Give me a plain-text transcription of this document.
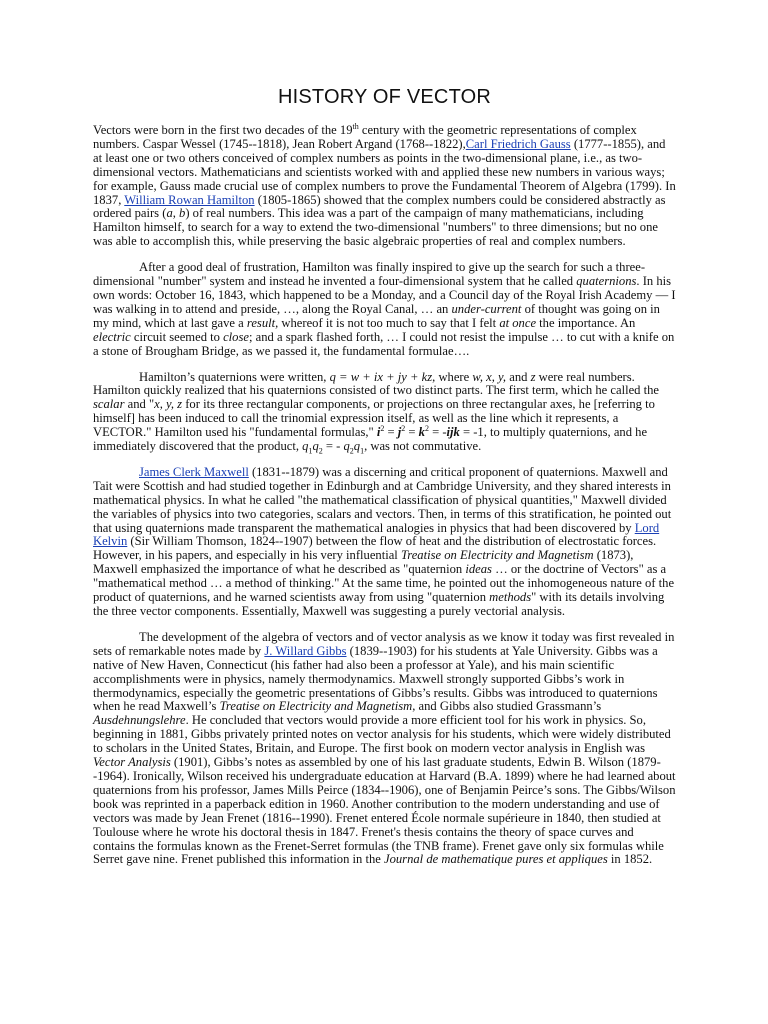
HISTORY OF VECTOR

Vectors were born in the first two decades of the 19th century with the geometric representations of complex numbers. Caspar Wessel (1745--1818), Jean Robert Argand (1768--1822),Carl Friedrich Gauss (1777--1855), and at least one or two others conceived of complex numbers as points in the two-dimensional plane, i.e., as two-dimensional vectors. Mathematicians and scientists worked with and applied these new numbers in various ways; for example, Gauss made crucial use of complex numbers to prove the Fundamental Theorem of Algebra (1799). In 1837, William Rowan Hamilton (1805-1865) showed that the complex numbers could be considered abstractly as ordered pairs (a, b) of real numbers. This idea was a part of the campaign of many mathematicians, including Hamilton himself, to search for a way to extend the two-dimensional "numbers" to three dimensions; but no one was able to accomplish this, while preserving the basic algebraic properties of real and complex numbers.

After a good deal of frustration, Hamilton was finally inspired to give up the search for such a three-dimensional "number" system and instead he invented a four-dimensional system that he called quaternions. In his own words: October 16, 1843, which happened to be a Monday, and a Council day of the Royal Irish Academy — I was walking in to attend and preside, …, along the Royal Canal, … an under-current of thought was going on in my mind, which at last gave a result, whereof it is not too much to say that I felt at once the importance. An electric circuit seemed to close; and a spark flashed forth, … I could not resist the impulse … to cut with a knife on a stone of Brougham Bridge, as we passed it, the fundamental formulae….

Hamilton’s quaternions were written, q = w + ix + jy + kz, where w, x, y, and z were real numbers. Hamilton quickly realized that his quaternions consisted of two distinct parts. The first term, which he called the scalar and "x, y, z for its three rectangular components, or projections on three rectangular axes, he [referring to himself] has been induced to call the trinomial expression itself, as well as the line which it represents, a VECTOR." Hamilton used his "fundamental formulas," $i^2 = j^2 = k^2 = -ijk = -1$, to multiply quaternions, and he immediately discovered that the product, $q_1q_2$ = - $q_2q_1$, was not commutative.

James Clerk Maxwell (1831--1879) was a discerning and critical proponent of quaternions. Maxwell and Tait were Scottish and had studied together in Edinburgh and at Cambridge University, and they shared interests in mathematical physics. In what he called "the mathematical classification of physical quantities," Maxwell divided the variables of physics into two categories, scalars and vectors. Then, in terms of this stratification, he pointed out that using quaternions made transparent the mathematical analogies in physics that had been discovered by Lord Kelvin (Sir William Thomson, 1824--1907) between the flow of heat and the distribution of electrostatic forces. However, in his papers, and especially in his very influential Treatise on Electricity and Magnetism (1873), Maxwell emphasized the importance of what he described as "quaternion ideas … or the doctrine of Vectors" as a "mathematical method … a method of thinking." At the same time, he pointed out the inhomogeneous nature of the product of quaternions, and he warned scientists away from using "quaternion methods" with its details involving the three vector components. Essentially, Maxwell was suggesting a purely vectorial analysis.

The development of the algebra of vectors and of vector analysis as we know it today was first revealed in sets of remarkable notes made by J. Willard Gibbs (1839--1903) for his students at Yale University. Gibbs was a native of New Haven, Connecticut (his father had also been a professor at Yale), and his main scientific accomplishments were in physics, namely thermodynamics. Maxwell strongly supported Gibbs’s work in thermodynamics, especially the geometric presentations of Gibbs’s results. Gibbs was introduced to quaternions when he read Maxwell’s Treatise on Electricity and Magnetism, and Gibbs also studied Grassmann’s Ausdehnungslehre. He concluded that vectors would provide a more efficient tool for his work in physics. So, beginning in 1881, Gibbs privately printed notes on vector analysis for his students, which were widely distributed to scholars in the United States, Britain, and Europe. The first book on modern vector analysis in English was Vector Analysis (1901), Gibbs’s notes as assembled by one of his last graduate students, Edwin B. Wilson (1879--1964). Ironically, Wilson received his undergraduate education at Harvard (B.A. 1899) where he had learned about quaternions from his professor, James Mills Peirce (1834--1906), one of Benjamin Peirce’s sons. The Gibbs/Wilson book was reprinted in a paperback edition in 1960. Another contribution to the modern understanding and use of vectors was made by Jean Frenet (1816--1990). Frenet entered École normale supérieure in 1840, then studied at Toulouse where he wrote his doctoral thesis in 1847. Frenet's thesis contains the theory of space curves and contains the formulas known as the Frenet-Serret formulas (the TNB frame). Frenet gave only six formulas while Serret gave nine. Frenet published this information in the Journal de mathematique pures et appliques in 1852.
